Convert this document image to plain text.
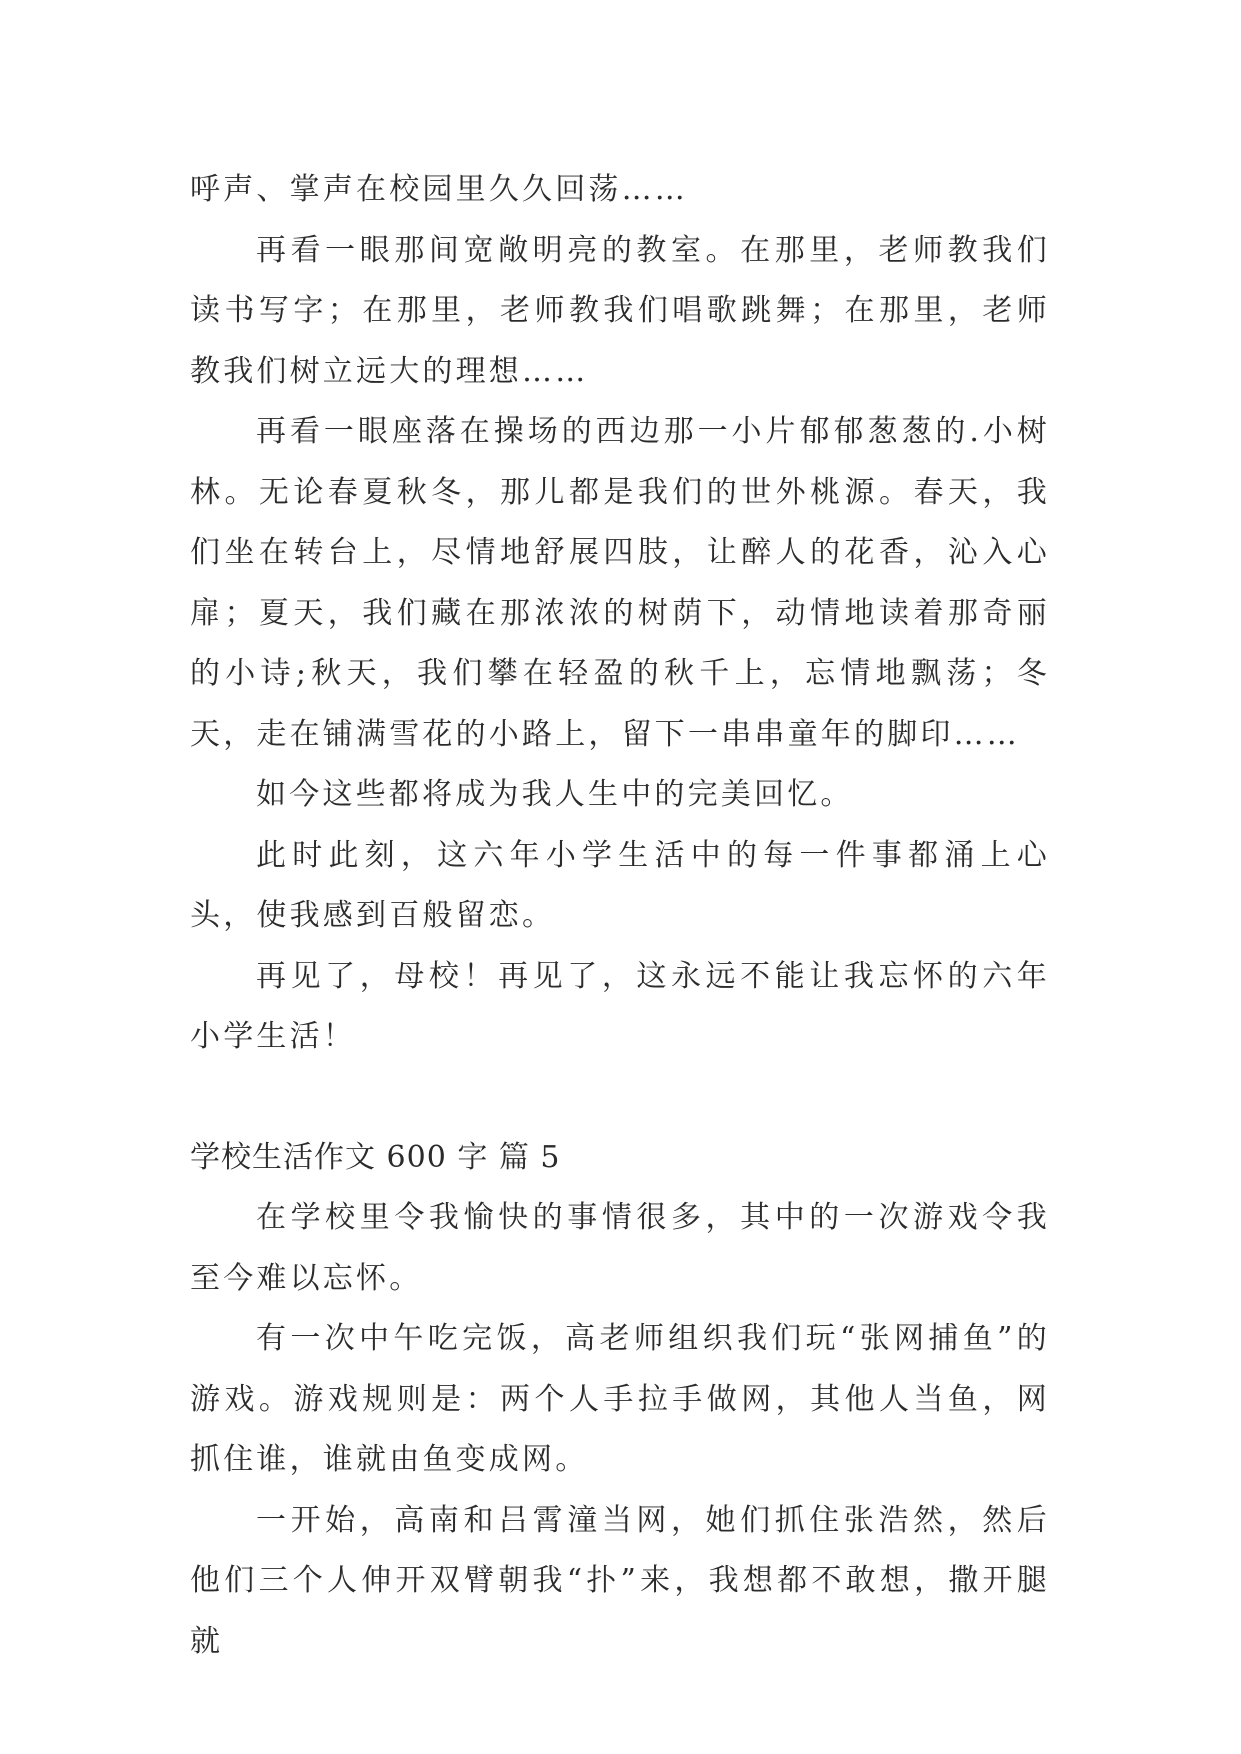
呼声、掌声在校园里久久回荡……

再看一眼那间宽敞明亮的教室。在那里，老师教我们读书写字；在那里，老师教我们唱歌跳舞；在那里，老师教我们树立远大的理想……

再看一眼座落在操场的西边那一小片郁郁葱葱的.小树林。无论春夏秋冬，那儿都是我们的世外桃源。春天，我们坐在转台上，尽情地舒展四肢，让醉人的花香，沁入心扉；夏天，我们藏在那浓浓的树荫下，动情地读着那奇丽的小诗;秋天，我们攀在轻盈的秋千上，忘情地飘荡；冬天，走在铺满雪花的小路上，留下一串串童年的脚印……

如今这些都将成为我人生中的完美回忆。

此时此刻，这六年小学生活中的每一件事都涌上心头，使我感到百般留恋。

再见了，母校！再见了，这永远不能让我忘怀的六年小学生活！

学校生活作文 600 字 篇 5

在学校里令我愉快的事情很多，其中的一次游戏令我至今难以忘怀。

有一次中午吃完饭，高老师组织我们玩“张网捕鱼”的游戏。游戏规则是：两个人手拉手做网，其他人当鱼，网抓住谁，谁就由鱼变成网。

一开始，高南和吕霄潼当网，她们抓住张浩然，然后他们三个人伸开双臂朝我“扑”来，我想都不敢想，撒开腿就
